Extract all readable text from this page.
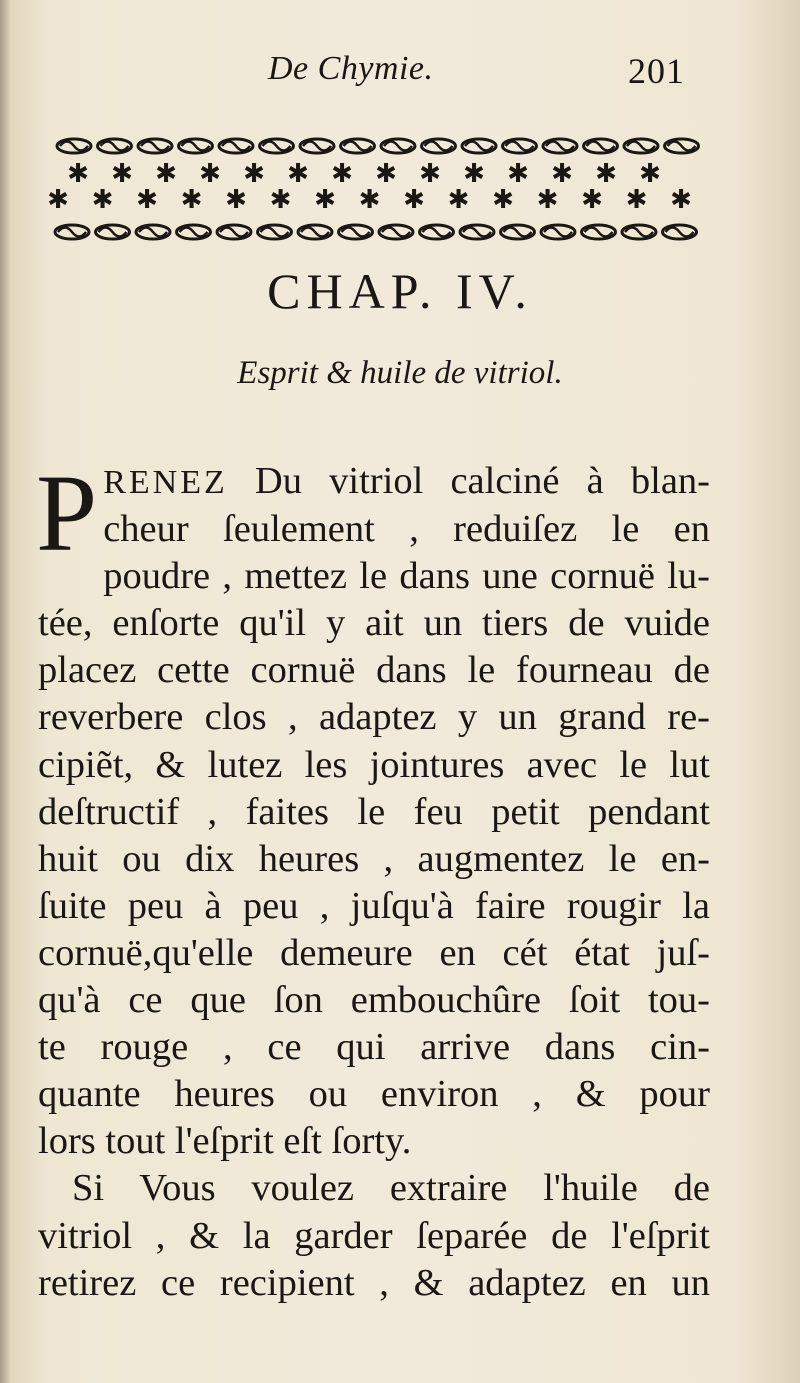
De Chymie.	201
✱ ✱ ✱ ✱ ✱ ✱ ✱ ✱ ✱ ✱ ✱ ✱ ✱ ✱
✱ ✱ ✱ ✱ ✱ ✱ ✱ ✱ ✱ ✱ ✱ ✱ ✱ ✱ ✱
CHAP. IV.
Esprit & huile de vitriol.

P RENEZ Du vitriol calciné à blan-
cheur ſeulement , reduiſez le en
poudre , mettez le dans une cornuë lu-
tée, enſorte qu'il y ait un tiers de vuide
placez cette cornuë dans le fourneau de
reverbere clos , adaptez y un grand re-
cipiẽt, & lutez les jointures avec le lut
deſtructif , faites le feu petit pendant
huit ou dix heures , augmentez le en-
ſuite peu à peu , juſqu'à faire rougir la
cornuë,qu'elle demeure en cét état juſ-
qu'à ce que ſon embouchûre ſoit tou-
te rouge , ce qui arrive dans cin-
quante heures ou environ , & pour
lors tout l'eſprit eſt ſorty.

Si Vous voulez extraire l'huile de
vitriol , & la garder ſeparée de l'eſprit
retirez ce recipient , & adaptez en un
